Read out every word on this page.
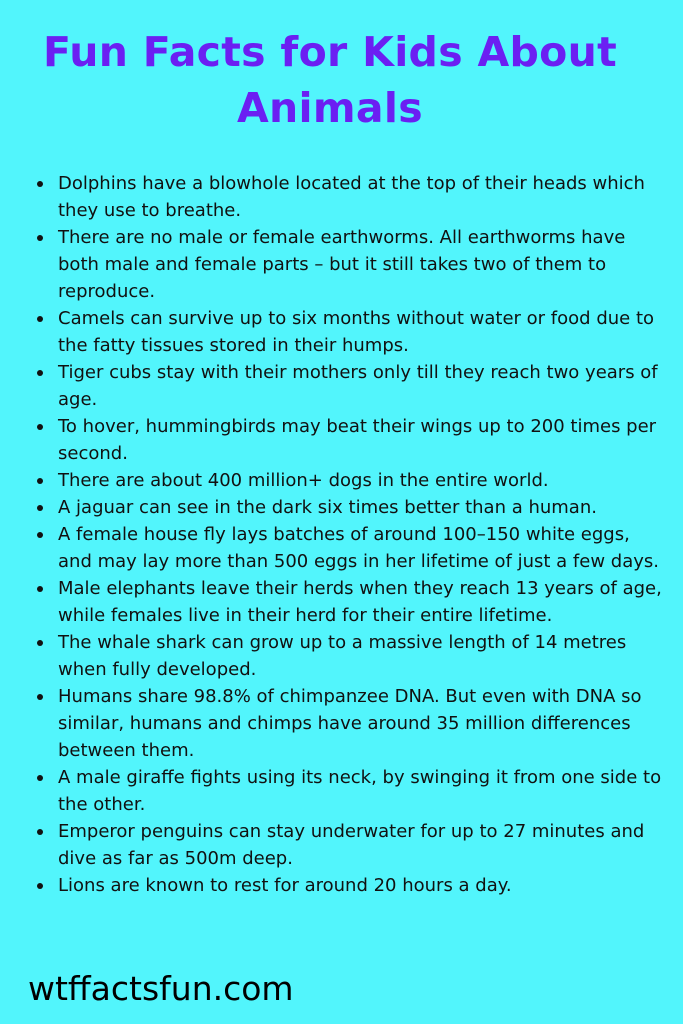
Fun Facts for Kids About
Animals
Dolphins have a blowhole located at the top of their heads which they use to breathe.
There are no male or female earthworms. All earthworms have both male and female parts – but it still takes two of them to reproduce.
Camels can survive up to six months without water or food due to the fatty tissues stored in their humps.
Tiger cubs stay with their mothers only till they reach two years of age.
To hover, hummingbirds may beat their wings up to 200 times per second.
There are about 400 million+ dogs in the entire world.
A jaguar can see in the dark six times better than a human.
A female house fly lays batches of around 100–150 white eggs, and may lay more than 500 eggs in her lifetime of just a few days.
Male elephants leave their herds when they reach 13 years of age, while females live in their herd for their entire lifetime.
The whale shark can grow up to a massive length of 14 metres when fully developed.
Humans share 98.8% of chimpanzee DNA. But even with DNA so similar, humans and chimps have around 35 million differences between them.
A male giraffe fights using its neck, by swinging it from one side to the other.
Emperor penguins can stay underwater for up to 27 minutes and dive as far as 500m deep.
Lions are known to rest for around 20 hours a day.

wtffactsfun.com
